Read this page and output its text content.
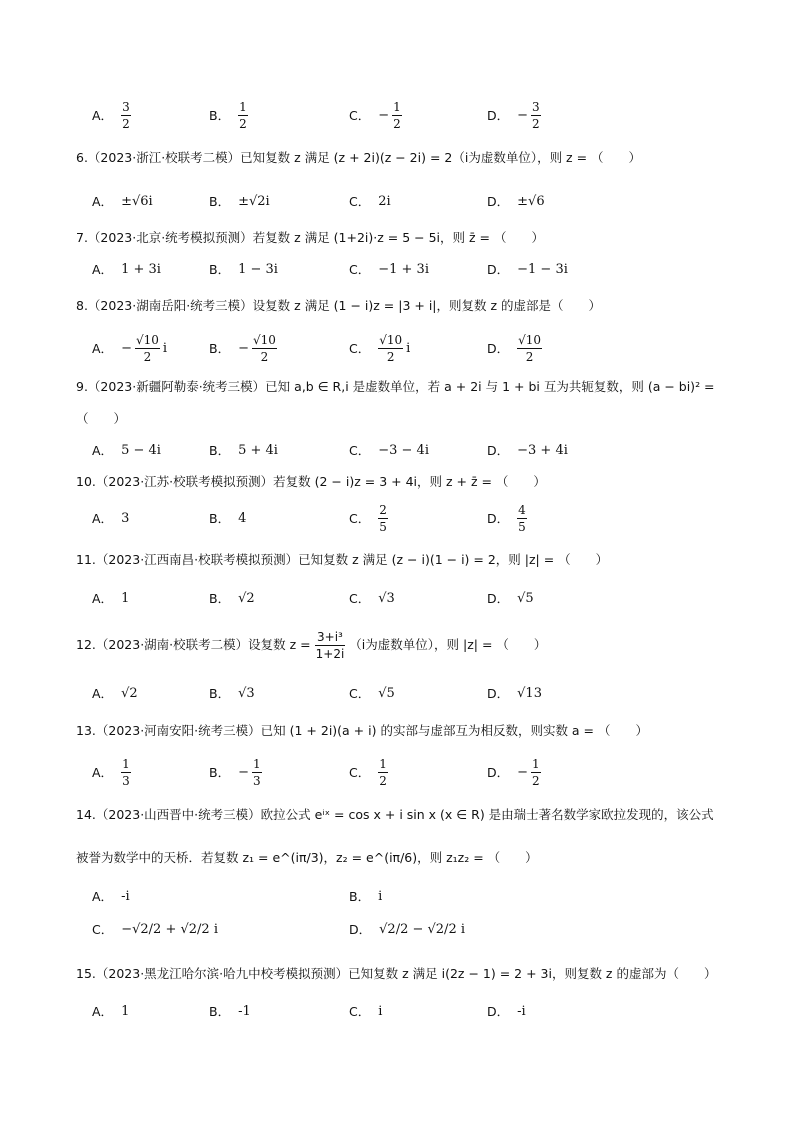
A． $\frac{3}{2}$	B． $\frac{1}{2}$	C． − $\frac{1}{2}$	D． − $\frac{3}{2}$
6.（2023·浙江·校联考二模）已知复数 z 满足 (z + 2i)(z − 2i) = 2（i为虚数单位），则 z = （　　）
A． ±√6i	B． ±√2i	C． 2i	D． ±√6
7.（2023·北京·统考模拟预测）若复数 z 满足 (1+2i)·z = 5 − 5i，则 z̄ = （　　）
A． 1 + 3i	B． 1 − 3i	C． −1 + 3i	D． −1 − 3i
8.（2023·湖南岳阳·统考三模）设复数 z 满足 (1 − i)z = |3 + i|，则复数 z 的虚部是（　　）
A． − $\frac{√10}{2}$ i	B． − $\frac{√10}{2}$	C． $\frac{√10}{2}$ i	D． $\frac{√10}{2}$
9.（2023·新疆阿勒泰·统考三模）已知 a,b ∈ R,i 是虚数单位，若 a + 2i 与 1 + bi 互为共轭复数，则 (a − bi)² =
（　　）
A． 5 − 4i	B． 5 + 4i	C． −3 − 4i	D． −3 + 4i
10.（2023·江苏·校联考模拟预测）若复数 (2 − i)z = 3 + 4i，则 z + z̄ = （　　）
A． 3	B． 4	C． $\frac{2}{5}$	D． $\frac{4}{5}$
11.（2023·江西南昌·校联考模拟预测）已知复数 z 满足 (z − i)(1 − i) = 2，则 |z| = （　　）
A． 1	B． √2	C． √3	D． √5
12.（2023·湖南·校联考二模）设复数 $z = \frac{\text{3+i³}}{1+2i} (i$为虚数单位），则 |z| = （　　）
A． √2	B． √3	C． √5	D． √13
13.（2023·河南安阳·统考三模）已知 (1 + 2i)(a + i) 的实部与虚部互为相反数，则实数 a = （　　）
A． $\frac{1}{3}$	B． − $\frac{1}{3}$	C． $\frac{1}{2}$	D． − $\frac{1}{2}$
14.（2023·山西晋中·统考三模）欧拉公式 eⁱˣ = cos x + i sin x (x ∈ R) 是由瑞士著名数学家欧拉发现的，该公式
被誉为数学中的天桥．若复数 z₁ = e^(iπ/3)，z₂ = e^(iπ/6)，则 z₁z₂ = （　　）
A． -i	B． i
C． −√2/2 + √2/2 i	D． √2/2 − √2/2 i
15.（2023·黑龙江哈尔滨·哈九中校考模拟预测）已知复数 z 满足 i(2z − 1) = 2 + 3i，则复数 z 的虚部为（　　）
A． 1	B． -1	C． i	D． -i
